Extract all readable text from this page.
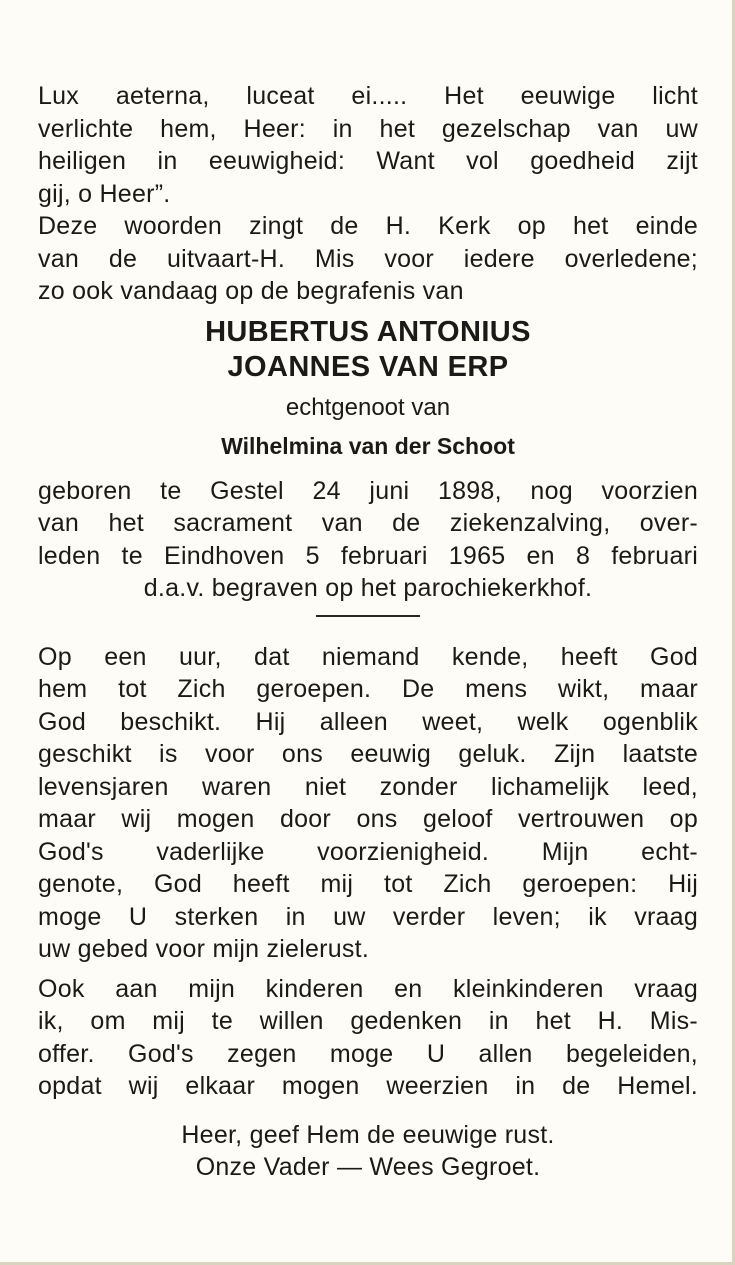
Lux aeterna, luceat ei..... Het eeuwige licht
verlichte hem, Heer: in het gezelschap van uw
heiligen in eeuwigheid: Want vol goedheid zijt
gij, o Heer”.
Deze woorden zingt de H. Kerk op het einde
van de uitvaart-H. Mis voor iedere overledene;
zo ook vandaag op de begrafenis van
HUBERTUS ANTONIUS
JOANNES VAN ERP
echtgenoot van
Wilhelmina van der Schoot
geboren te Gestel 24 juni 1898, nog voorzien
van het sacrament van de ziekenzalving, over-
leden te Eindhoven 5 februari 1965 en 8 februari
d.a.v. begraven op het parochiekerkhof.
Op een uur, dat niemand kende, heeft God
hem tot Zich geroepen. De mens wikt, maar
God beschikt. Hij alleen weet, welk ogenblik
geschikt is voor ons eeuwig geluk. Zijn laatste
levensjaren waren niet zonder lichamelijk leed,
maar wij mogen door ons geloof vertrouwen op
God's vaderlijke voorzienigheid. Mijn echt-
genote, God heeft mij tot Zich geroepen: Hij
moge U sterken in uw verder leven; ik vraag
uw gebed voor mijn zielerust.
Ook aan mijn kinderen en kleinkinderen vraag
ik, om mij te willen gedenken in het H. Mis-
offer. God's zegen moge U allen begeleiden,
opdat wij elkaar mogen weerzien in de Hemel.
Heer, geef Hem de eeuwige rust.
Onze Vader — Wees Gegroet.
